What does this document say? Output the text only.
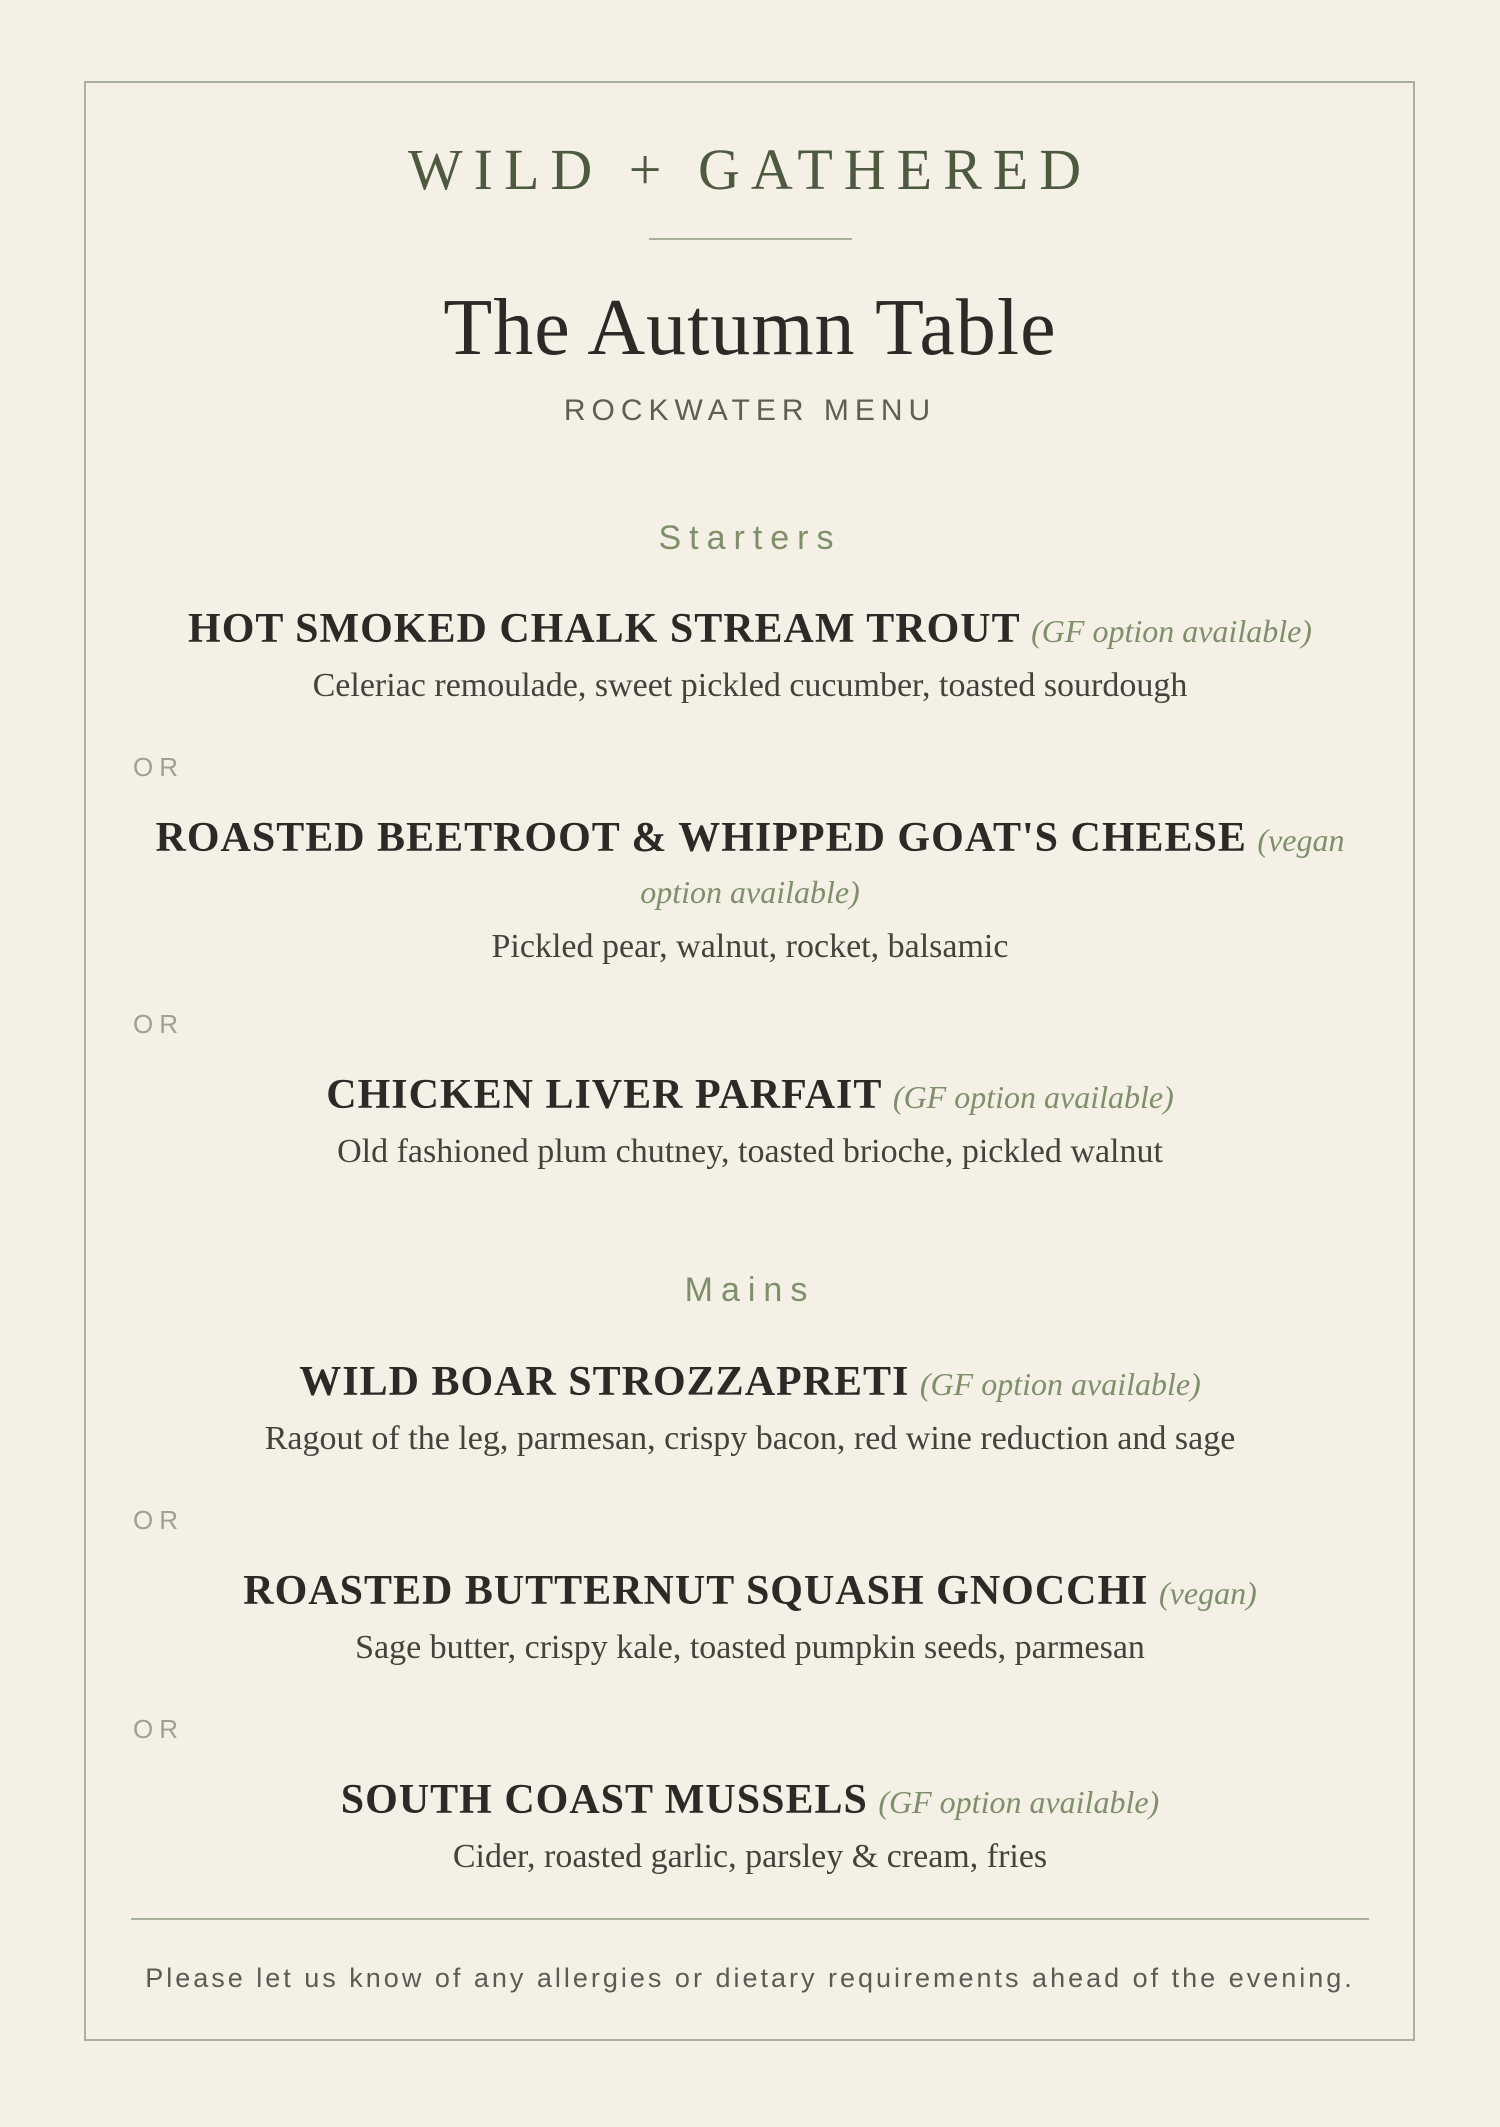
WILD + GATHERED
The Autumn Table
ROCKWATER MENU
Starters
HOT SMOKED CHALK STREAM TROUT (GF option available)
Celeriac remoulade, sweet pickled cucumber, toasted sourdough
OR
ROASTED BEETROOT & WHIPPED GOAT'S CHEESE (vegan option available)
Pickled pear, walnut, rocket, balsamic
OR
CHICKEN LIVER PARFAIT (GF option available)
Old fashioned plum chutney, toasted brioche, pickled walnut
Mains
WILD BOAR STROZZAPRETI (GF option available)
Ragout of the leg, parmesan, crispy bacon, red wine reduction and sage
OR
ROASTED BUTTERNUT SQUASH GNOCCHI (vegan)
Sage butter, crispy kale, toasted pumpkin seeds, parmesan
OR
SOUTH COAST MUSSELS (GF option available)
Cider, roasted garlic, parsley & cream, fries
Please let us know of any allergies or dietary requirements ahead of the evening.
